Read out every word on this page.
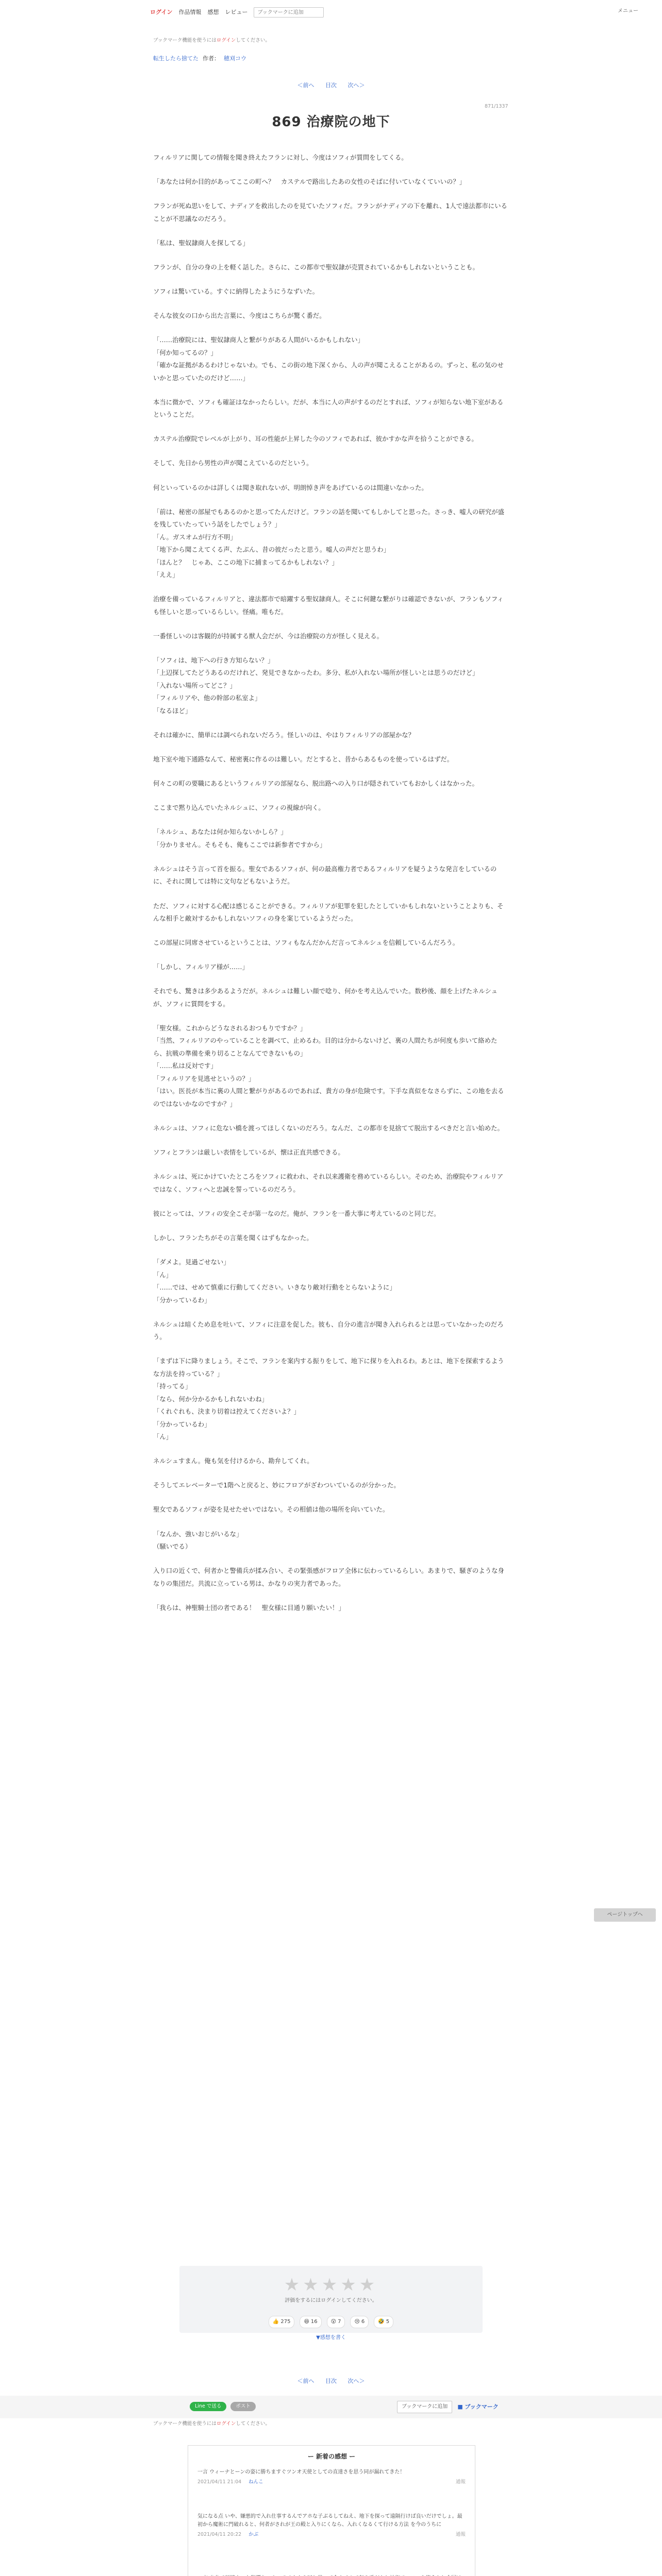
ログイン 作品情報 感想 レビュー
ブックマークに追加	メニュー
ブックマーク機能を使うにはログインしてください。
転生したら捨てた 作者： 穂刈コウ
＜前へ 目次 次へ＞
871/1337
869 治療院の地下

フィルリアに関しての情報を聞き終えたフランに対し、今度はソフィが質問をしてくる。

「あなたは何か目的があってここの町へ？　カステルで路出したあの女性のそばに付いていなくていいの？」

フランが死ぬ思いをして、ナディアを救出したのを見ていたソフィだ。フランがナディアの下を離れ、1人で遠法都市にいることが不思議なのだろう。

「私は、聖奴隷商人を探してる」

フランが、自分の身の上を軽く話した。さらに、この都市で聖奴隷が売買されているかもしれないということも。

ソフィは驚いている。すぐに納得したようにうなずいた。

そんな彼女の口から出た言葉に、今度はこちらが驚く番だ。

「……治療院には、聖奴隷商人と繋がりがある人間がいるかもしれない」
「何か知ってるの？」
「確かな証拠があるわけじゃないわ。でも、この街の地下深くから、人の声が聞こえることがあるの。ずっと、私の気のせいかと思っていたのだけど……」

本当に微かで、ソフィも確証はなかったらしい。だが、本当に人の声がするのだとすれば、ソフィが知らない地下室があるということだ。

カステル治療院でレベルが上がり、耳の性能が上昇した今のソフィであれば、彼かすかな声を拾うことができる。

そして、先日から男性の声が聞こえているのだという。

何といっているのかは詳しくは聞き取れないが、明朗悼き声をあげているのは間違いなかった。

「前は、秘密の部屋でもあるのかと思ってたんだけど。フランの話を聞いてもしかしてと思った。さっき、嘘人の研究が盛を残していたっていう話をしたでしょう？」
「ん。ガスオムが行方不明」
「地下から聞こえてくる声、たぶん、昔の彼だったと思う。嘘人の声だと思うわ」
「ほんと？　じゃあ、ここの地下に捕まってるかもしれない？」
「ええ」

治療を備っているフィルリアと、違法都市で暗躍する聖奴隷商人。そこに何鍵な繋がりは確認できないが、フランもソフィも怪しいと思っているらしい。怪痛。唯もだ。

一番怪しいのは客観的が持属する獣人会だが、今は治療院の方が怪しく見える。

「ソフィは、地下への行き方知らない？」
「上辺探してたどうあるのだけれど、発見できなかったわ。多分、私が入れない場所が怪しいとは思うのだけど」
「入れない場所ってどこ？」
「フィルリアや、他の幹部の私室よ」
「なるほど」

それは確かに、簡単には調べられないだろう。怪しいのは、やはりフィルリアの部屋かな？

地下室や地下通路なんて、秘密裏に作るのは難しい。だとすると、昔からあるものを使っているはずだ。

何々この町の要職にあるというフィルリアの部屋なら、脱出路への入り口が隠されていてもおかしくはなかった。

ここまで黙り込んでいたネルシュに、ソフィの視線が向く。

「ネルシュ、あなたは何か知らないかしら？」
「分かりません。そもそも、俺もここでは新参者ですから」

ネルシュはそう言って首を振る。聖女であるソフィが、何の最高権力者であるフィルリアを疑うような発言をしているのに、それに関しては特に文句などもないようだ。

ただ、ソフィに対する心配は感じることができる。フィルリアが犯罪を犯したとしていかもしれないということよりも、そんな相手と敵対するかもしれないソフィの身を案じているようだった。

この部屋に同席させているということは、ソフィもなんだかんだ言ってネルシュを信頼しているんだろう。

「しかし、フィルリア様が……」

それでも、驚きは多少あるようだが。ネルシュは難しい顔で唸り、何かを考え込んでいた。数秒後、顔を上げたネルシュが、ソフィに質問をする。

「聖女様。これからどうなされるおつもりですか？」
「当然、フィルリアのやっていることを調べて、止めるわ。目的は分からないけど、裏の人間たちが何度も歩いて絡めたら、抗戦の準備を乗り切ることなんてできないもの」
「……私は反対です」
「フィルリアを見逃せというの？」
「はい。医長が本当に裏の人間と繋がりがあるのであれば、貴方の身が危険です。下手な真似をなさらずに、この地を去るのではないかなのですか？」

ネルシュは、ソフィに危ない橋を渡ってほしくないのだろう。なんだ、この都市を見捨てて脱出するべきだと言い始めた。

ソフィとフランは厳しい表情をしているが、懐は正直共感できる。

ネルシュは、死にかけていたところをソフィに救われ、それ以来護衛を務めているらしい。そのため、治療院やフィルリアではなく、ソフィへと忠誠を誓っているのだろう。

彼にとっては、ソフィの安全こそが第一なのだ。俺が、フランを一番大事に考えているのと同じだ。

しかし、フランたちがその言葉を聞くはずもなかった。

「ダメよ。見過ごせない」
「ん」
「……では、せめて慎重に行動してください。いきなり敵対行動をとらないように」
「分かっているわ」

ネルシュは暗くため息を吐いて、ソフィに注意を促した。彼も、自分の進言が聞き入れられるとは思っていなかったのだろう。

「まずは下に降りましょう。そこで、フランを案内する振りをして、地下に探りを入れるわ。あとは、地下を探索するような方法を持っている？」
「持ってる」
「なら、何か分かるかもしれないわね」
「くれぐれも、決まり切着は控えてくださいよ？」
「分かっているわ」
「ん」

ネルシュすまん。俺も気を付けるから、勘弁してくれ。

そうしてエレベーターで1階へと戻ると、妙にフロアがざわついているのが分かった。

聖女であるソフィが姿を見せたせいではない。その相値は他の場所を向いていた。

「なんか、強いおじがいるな」
（騒いでる）

入り口の近くで、何者かと警備兵が揉み合い、その緊張感がフロア全体に伝わっているらしい。あまりで、騒ぎのような身なりの集団だ。共流に立っている男は、かなりの実力者であった。

「我らは、神聖騎士団の者である！　聖女様に目通り願いたい！」

ページトップへ
★★★★★
評価をするにはログインしてください。
👍 275	😆 16	😲 7	😢 6	🤣 5
▼感想を書く
＜前へ 目次 次へ＞
Line で送る	ポスト	ブックマークに追加	■ ブックマーク
ブックマーク機能を使うにはログインしてください。
ー 新着の感想 ー
一言 ウィーナとーンの姿に勝ちますぐツンオ天使としての直達さを思う同が漏れてきた！
2021/04/11 21:04 ねんこ	通報
気になる点 いや、嫌悪的で入れ仕事するんでアホな子ぶるしてねえ、地下を探って遠隔行けば良いだけでしょ。最初から魔術に門破れると、何者がされが王の殿と入りにくなら、入れくなるくて行ける方法 を今のうちに
2021/04/11 20:22 かぶ	通報
